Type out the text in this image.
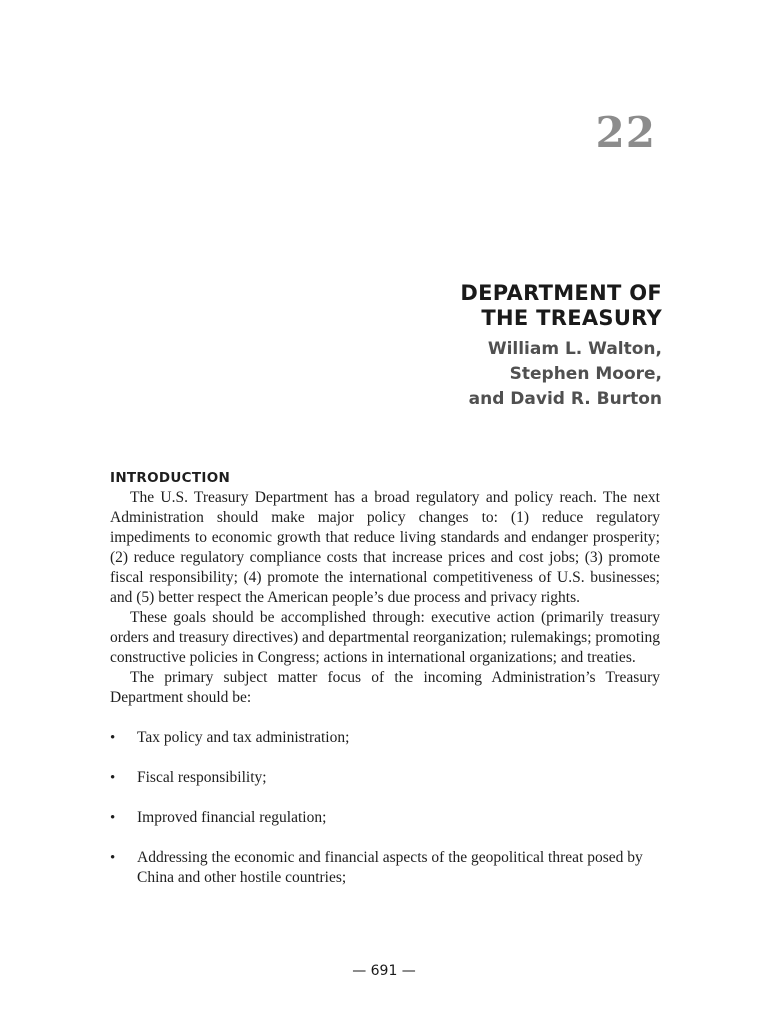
22
DEPARTMENT OF
THE TREASURY
William L. Walton,
Stephen Moore,
and David R. Burton
INTRODUCTION

The U.S. Treasury Department has a broad regulatory and policy reach. The next Administration should make major policy changes to: (1) reduce regulatory impediments to economic growth that reduce living standards and endanger prosperity; (2) reduce regulatory compliance costs that increase prices and cost jobs; (3) promote fiscal responsibility; (4) promote the international competitiveness of U.S. businesses; and (5) better respect the American people’s due process and privacy rights.

These goals should be accomplished through: executive action (primarily treasury orders and treasury directives) and departmental reorganization; rulemakings; promoting constructive policies in Congress; actions in international organizations; and treaties.

The primary subject matter focus of the incoming Administration’s Treasury Department should be:

• Tax policy and tax administration;
• Fiscal responsibility;
• Improved financial regulation;
• Addressing the economic and financial aspects of the geopolitical threat posed by China and other hostile countries;
— 691 —
